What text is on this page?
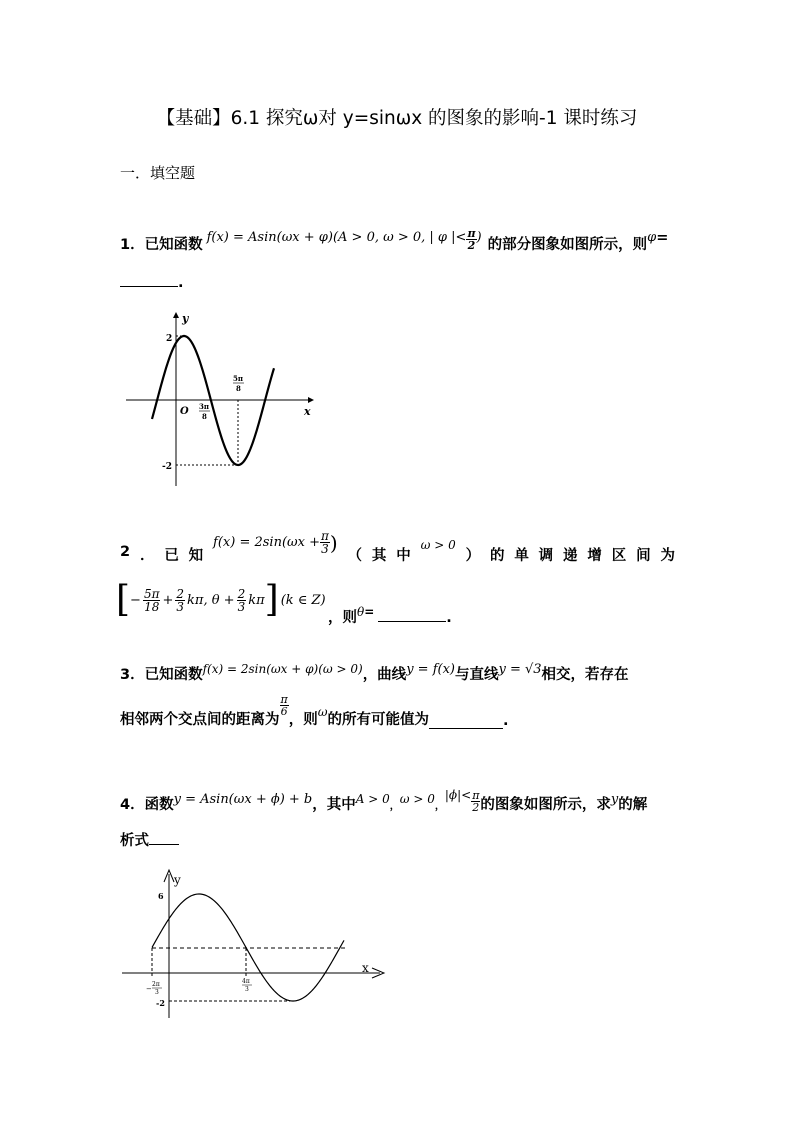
【基础】6.1 探究ω对 y=sinωx 的图象的影响-1 课时练习
一．填空题
1． 已知函数 f(x) = Asin(ωx + φ)(A > 0, ω > 0, | φ |< $\frac{\pi}{2}$ ) 的部分图象如图所示，则 φ =
.
y
x
O
2
-2
3π
8
5π
8
2 ． 已 知
$f(x) = 2\sin(\omega x + \frac{\pi}{3}$ )
（ 其 中
ω > 0
） 的 单 调 递 增 区 间 为
[ − $\frac{5\pi}{18} + \frac{2}{3} k\pi$, $\theta + \frac{2}{3}$ kπ ] (k ∈ Z)
，则 θ =	.
3． 已知函数 f(x) = 2sin(ωx + φ)(ω > 0) ，曲线 y = f(x) 与直线 y = √3 相交，若存在
相邻两个交点间的距离为
$\frac{\pi}{6}$
，则 ω 的所有可能值为	.
4． 函数 y = Asin(ωx + ϕ) + b ，其中 A > 0
，
ω > 0
，
$|\phi|< \frac{\pi}{2}$ 的图象如图所示，求 y 的解
析式
y
x
6
-2
−
2π
3
4π
3
